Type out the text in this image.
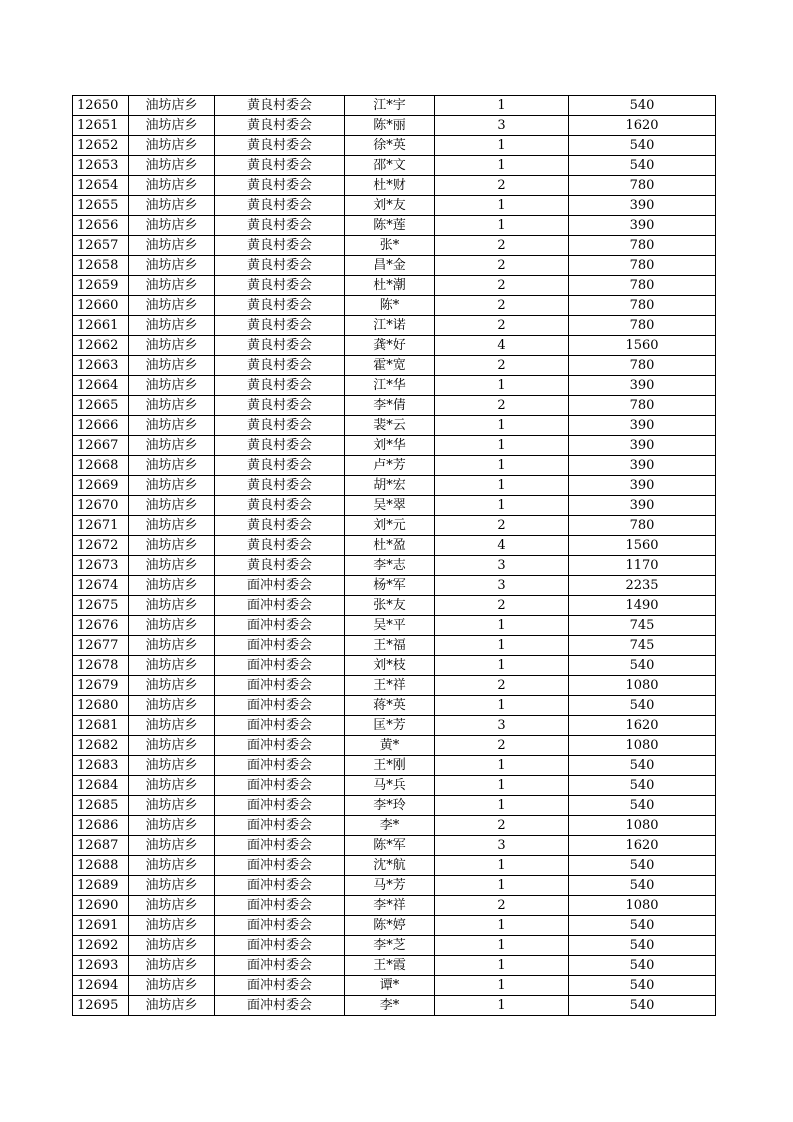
12650	油坊店乡	黄良村委会	江*宇	1	540
12651	油坊店乡	黄良村委会	陈*丽	3	1620
12652	油坊店乡	黄良村委会	徐*英	1	540
12653	油坊店乡	黄良村委会	邵*文	1	540
12654	油坊店乡	黄良村委会	杜*财	2	780
12655	油坊店乡	黄良村委会	刘*友	1	390
12656	油坊店乡	黄良村委会	陈*莲	1	390
12657	油坊店乡	黄良村委会	张*	2	780
12658	油坊店乡	黄良村委会	昌*金	2	780
12659	油坊店乡	黄良村委会	杜*潮	2	780
12660	油坊店乡	黄良村委会	陈*	2	780
12661	油坊店乡	黄良村委会	江*诺	2	780
12662	油坊店乡	黄良村委会	龚*好	4	1560
12663	油坊店乡	黄良村委会	霍*宽	2	780
12664	油坊店乡	黄良村委会	江*华	1	390
12665	油坊店乡	黄良村委会	李*倩	2	780
12666	油坊店乡	黄良村委会	裴*云	1	390
12667	油坊店乡	黄良村委会	刘*华	1	390
12668	油坊店乡	黄良村委会	卢*芳	1	390
12669	油坊店乡	黄良村委会	胡*宏	1	390
12670	油坊店乡	黄良村委会	吴*翠	1	390
12671	油坊店乡	黄良村委会	刘*元	2	780
12672	油坊店乡	黄良村委会	杜*盈	4	1560
12673	油坊店乡	黄良村委会	李*志	3	1170
12674	油坊店乡	面冲村委会	杨*军	3	2235
12675	油坊店乡	面冲村委会	张*友	2	1490
12676	油坊店乡	面冲村委会	吴*平	1	745
12677	油坊店乡	面冲村委会	王*福	1	745
12678	油坊店乡	面冲村委会	刘*枝	1	540
12679	油坊店乡	面冲村委会	王*祥	2	1080
12680	油坊店乡	面冲村委会	蒋*英	1	540
12681	油坊店乡	面冲村委会	匡*芳	3	1620
12682	油坊店乡	面冲村委会	黄*	2	1080
12683	油坊店乡	面冲村委会	王*刚	1	540
12684	油坊店乡	面冲村委会	马*兵	1	540
12685	油坊店乡	面冲村委会	李*玲	1	540
12686	油坊店乡	面冲村委会	李*	2	1080
12687	油坊店乡	面冲村委会	陈*军	3	1620
12688	油坊店乡	面冲村委会	沈*航	1	540
12689	油坊店乡	面冲村委会	马*芳	1	540
12690	油坊店乡	面冲村委会	李*祥	2	1080
12691	油坊店乡	面冲村委会	陈*婷	1	540
12692	油坊店乡	面冲村委会	李*芝	1	540
12693	油坊店乡	面冲村委会	王*霞	1	540
12694	油坊店乡	面冲村委会	谭*	1	540
12695	油坊店乡	面冲村委会	李*	1	540
